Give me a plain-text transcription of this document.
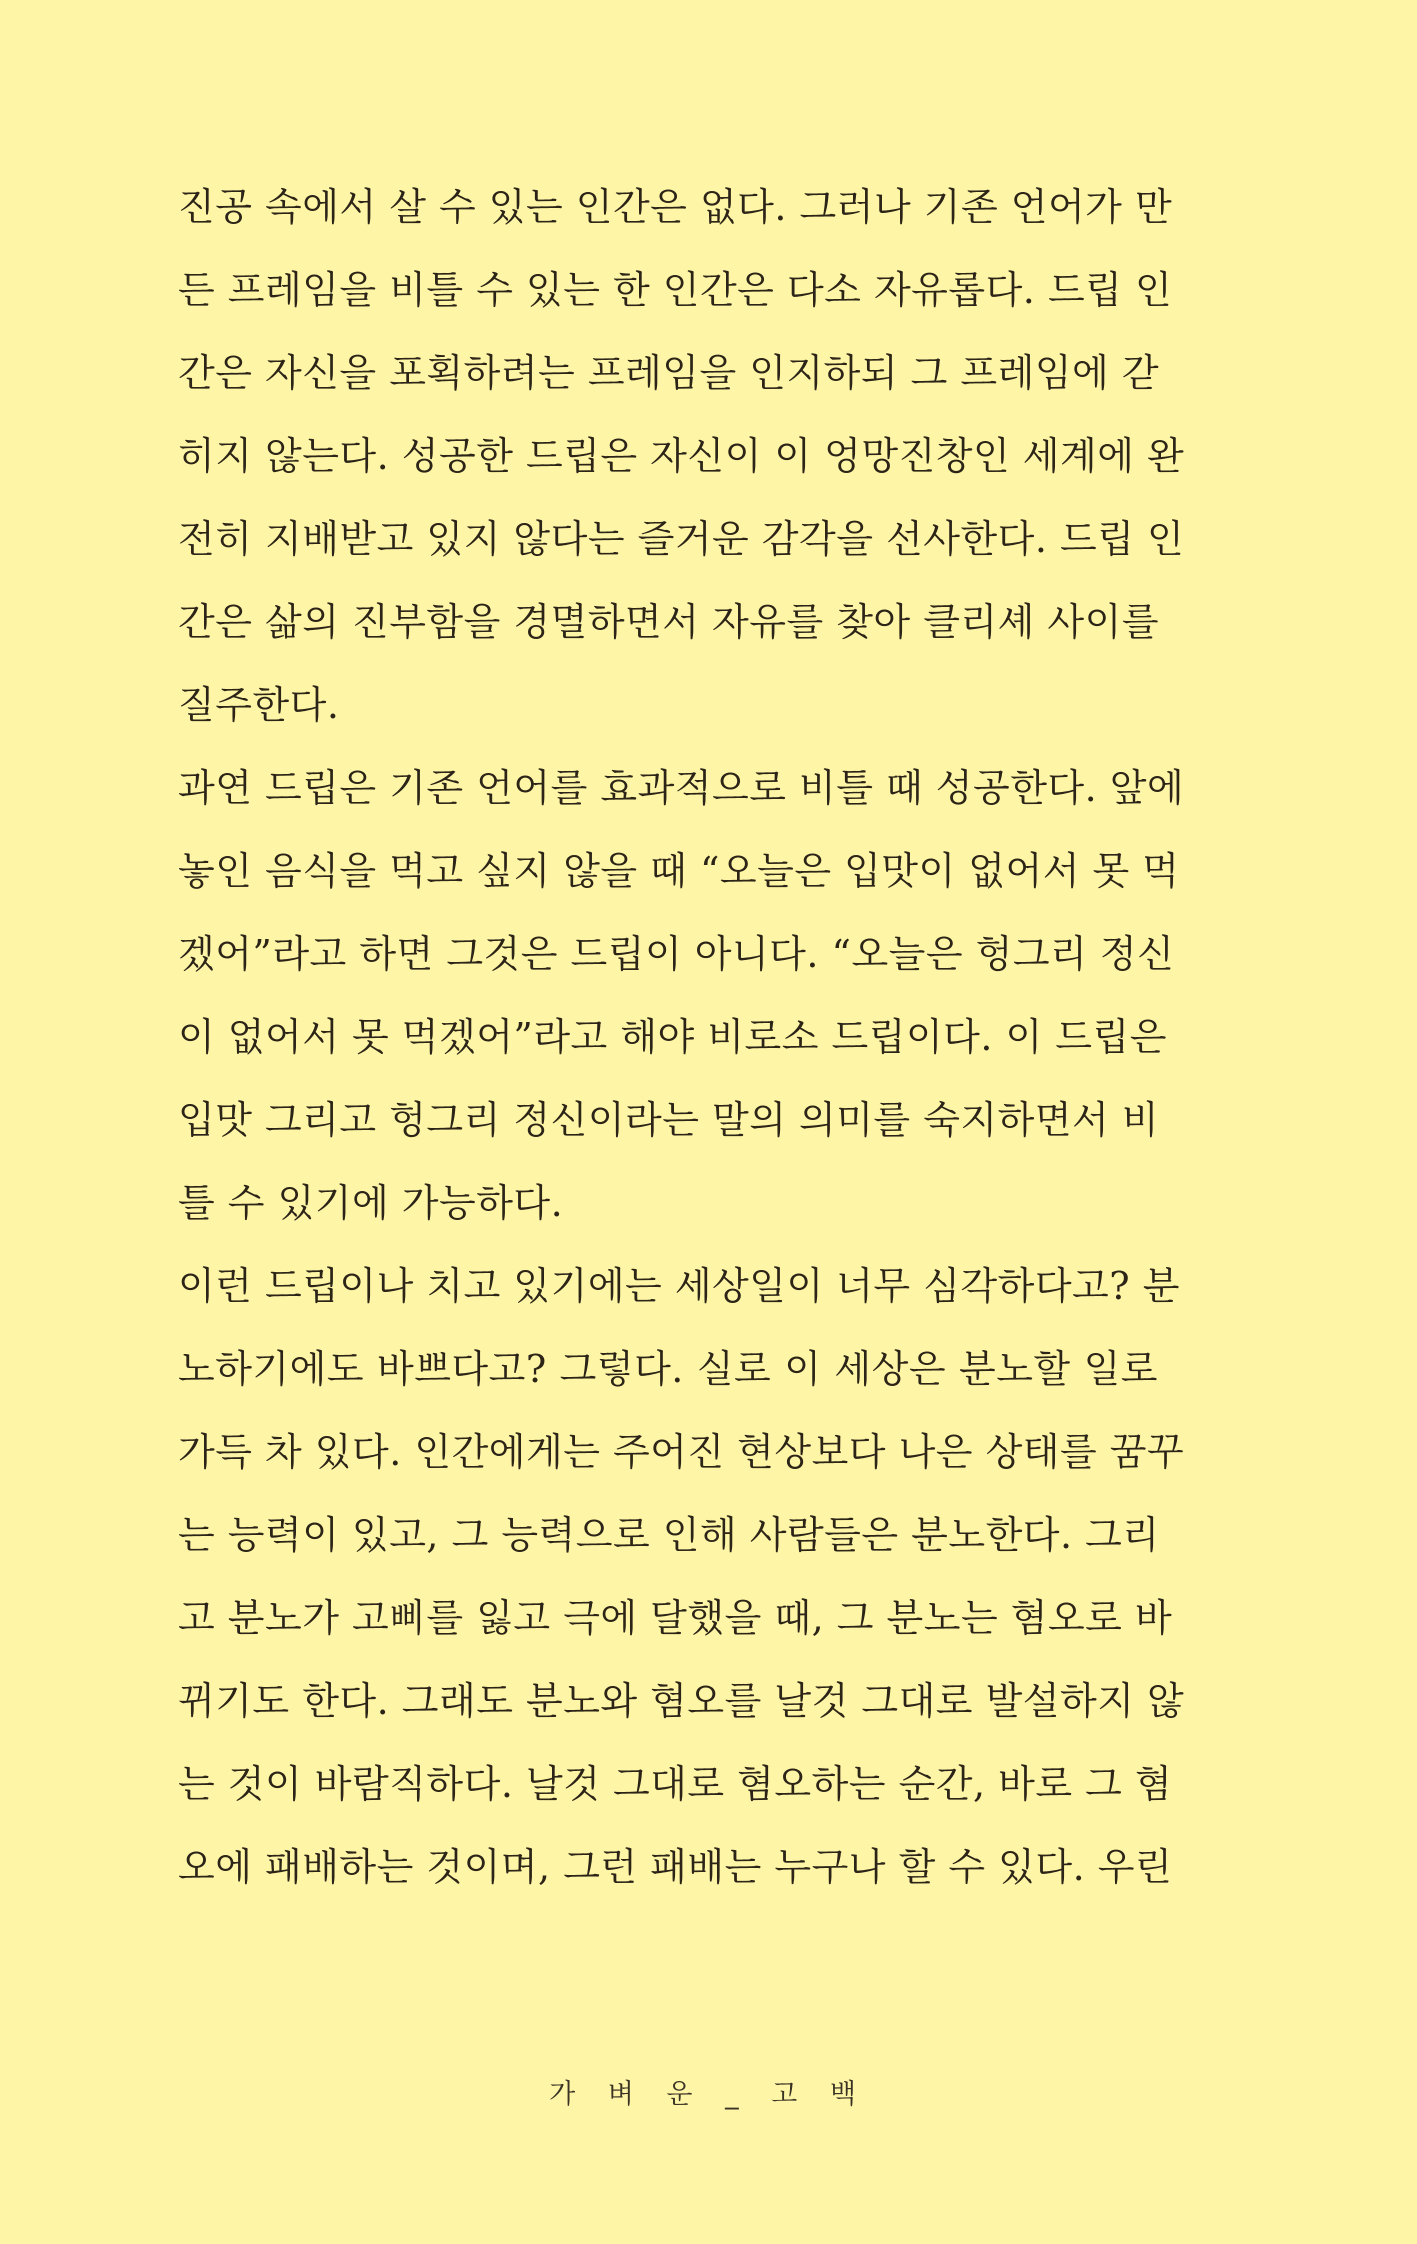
진공 속에서 살 수 있는 인간은 없다. 그러나 기존 언어가 만
든 프레임을 비틀 수 있는 한 인간은 다소 자유롭다. 드립 인
간은 자신을 포획하려는 프레임을 인지하되 그 프레임에 갇
히지 않는다. 성공한 드립은 자신이 이 엉망진창인 세계에 완
전히 지배받고 있지 않다는 즐거운 감각을 선사한다. 드립 인
간은 삶의 진부함을 경멸하면서 자유를 찾아 클리셰 사이를
질주한다.
과연 드립은 기존 언어를 효과적으로 비틀 때 성공한다. 앞에
놓인 음식을 먹고 싶지 않을 때 “오늘은 입맛이 없어서 못 먹
겠어”라고 하면 그것은 드립이 아니다. “오늘은 헝그리 정신
이 없어서 못 먹겠어”라고 해야 비로소 드립이다. 이 드립은
입맛 그리고 헝그리 정신이라는 말의 의미를 숙지하면서 비
틀 수 있기에 가능하다.
이런 드립이나 치고 있기에는 세상일이 너무 심각하다고? 분
노하기에도 바쁘다고? 그렇다. 실로 이 세상은 분노할 일로
가득 차 있다. 인간에게는 주어진 현상보다 나은 상태를 꿈꾸
는 능력이 있고, 그 능력으로 인해 사람들은 분노한다. 그리
고 분노가 고삐를 잃고 극에 달했을 때, 그 분노는 혐오로 바
뀌기도 한다. 그래도 분노와 혐오를 날것 그대로 발설하지 않
는 것이 바람직하다. 날것 그대로 혐오하는 순간, 바로 그 혐
오에 패배하는 것이며, 그런 패배는 누구나 할 수 있다. 우린
가 벼 운 _ 고 백
